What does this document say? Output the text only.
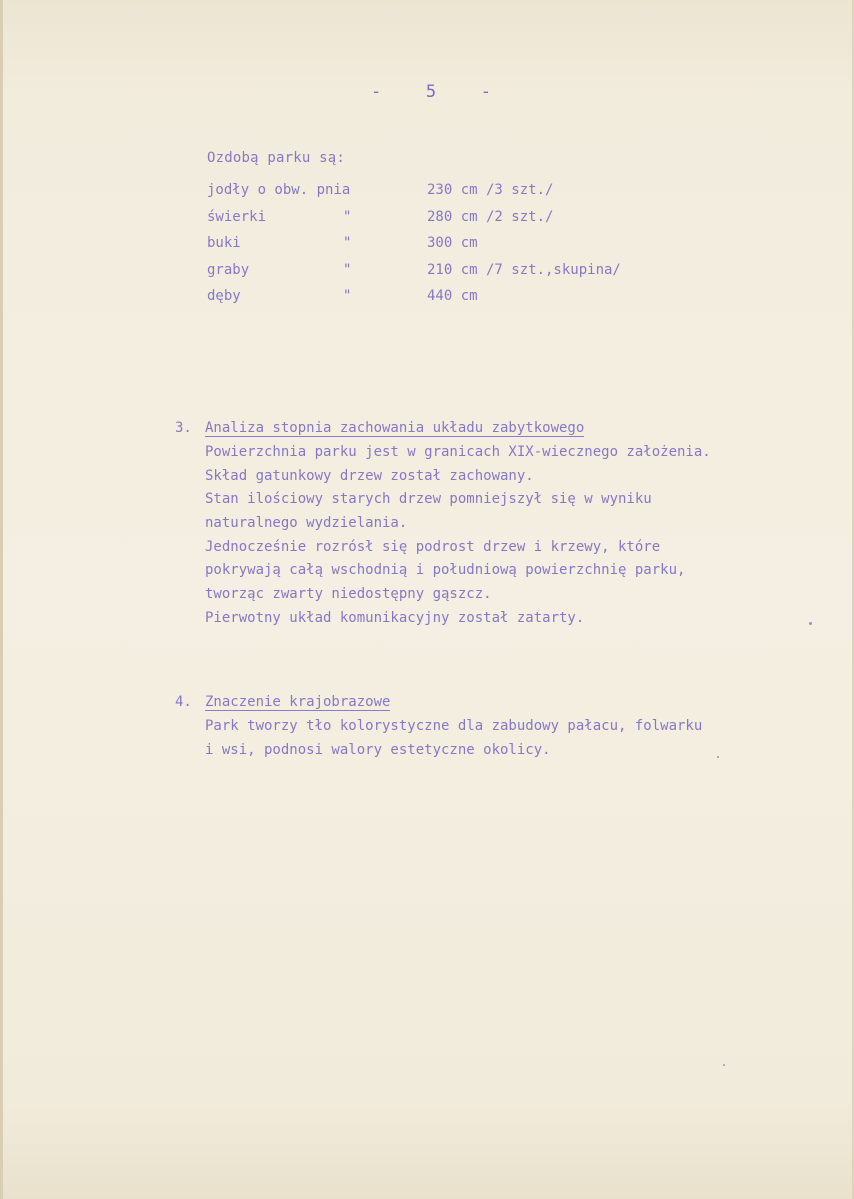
-	5	-
Ozdobą parku są:
jodły o obw. pnia	230 cm /3 szt./
świerki	"	280 cm /2 szt./
buki	"	300 cm
graby	"	210 cm /7 szt.,skupina/
dęby	"	440 cm
3. Analiza stopnia zachowania układu zabytkowego
Powierzchnia parku jest w granicach XIX-wiecznego założenia.
Skład gatunkowy drzew został zachowany.
Stan ilościowy starych drzew pomniejszył się w wyniku
naturalnego wydzielania.
Jednocześnie rozrósł się podrost drzew i krzewy, które
pokrywają całą wschodnią i południową powierzchnię parku,
tworząc zwarty niedostępny gąszcz.
Pierwotny układ komunikacyjny został zatarty.
4. Znaczenie krajobrazowe
Park tworzy tło kolorystyczne dla zabudowy pałacu, folwarku
i wsi, podnosi walory estetyczne okolicy.
